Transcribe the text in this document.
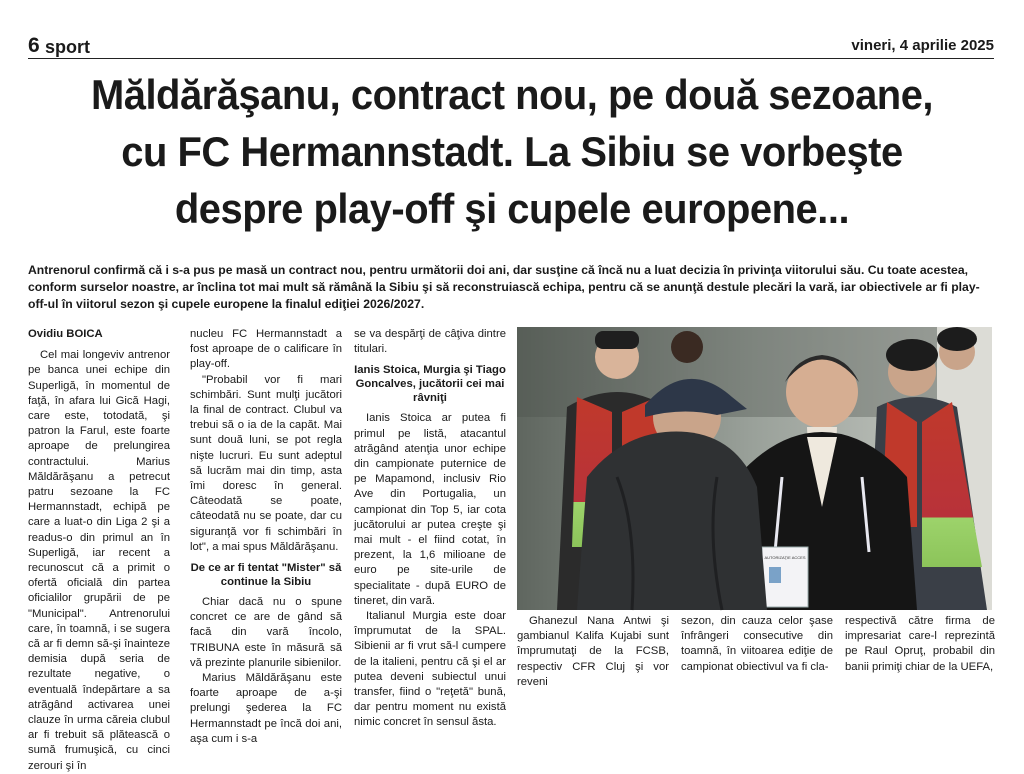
6 sport	vineri, 4 aprilie 2025
Măldărăşanu, contract nou, pe două sezoane,
cu FC Hermannstadt. La Sibiu se vorbeşte
despre play-off şi cupele europene...

Antrenorul confirmă că i s-a pus pe masă un contract nou, pentru următorii doi ani, dar susţine că încă nu a luat decizia în privinţa viitorului său. Cu toate acestea, conform surselor noastre, ar înclina tot mai mult să rămână la Sibiu şi să reconstruiască echipa, pentru că se anunţă destule plecări la vară, iar obiectivele ar fi play-off-ul în viitorul sezon şi cupele europene la finalul ediţiei 2026/2027.

Ovidiu BOICA

Cel mai longeviv antrenor pe banca unei echipe din Superligă, în momentul de faţă, în afara lui Gică Hagi, care este, totodată, şi patron la Farul, este foarte aproape de prelungirea contractului. Marius Măldărăşanu a petrecut patru sezoane la FC Hermannstadt, echipă pe care a luat-o din Liga 2 şi a readus-o din primul an în Superligă, iar recent a recunoscut că a primit o ofertă oficială din partea oficialilor grupării de pe "Municipal". Antrenorului care, în toamnă, i se sugera că ar fi demn să-şi înainteze demisia după seria de rezultate negative, o eventuală îndepărtare a sa atrăgând activarea unei clauze în urma căreia clubul ar fi trebuit să plătească o sumă frumuşică, cu cinci zerouri şi în

nucleu FC Hermannstadt a fost aproape de o calificare în play-off.

"Probabil vor fi mari schimbări. Sunt mulţi jucători la final de contract. Clubul va trebui să o ia de la capăt. Mai sunt două luni, se pot regla nişte lucruri. Eu sunt adeptul să lucrăm mai din timp, asta îmi doresc în general. Câteodată se poate, câteodată nu se poate, dar cu siguranţă vor fi schimbări în lot", a mai spus Măldărăşanu.

De ce ar fi tentat "Mister" să continue la Sibiu

Chiar dacă nu o spune concret ce are de gând să facă din vară încolo, TRIBUNA este în măsură să vă prezinte planurile sibienilor.

Marius Măldărăşanu este foarte aproape de a-şi prelungi şederea la FC Hermannstadt pe încă doi ani, aşa cum i s-a

se va despărţi de câţiva dintre titulari.

Ianis Stoica, Murgia şi Tiago Goncalves, jucătorii cei mai râvniţi

Ianis Stoica ar putea fi primul pe listă, atacantul atrăgând atenţia unor echipe din campionate puternice de pe Mapamond, inclusiv Rio Ave din Portugalia, un campionat din Top 5, iar cota jucătorului ar putea creşte şi mai mult - el fiind cotat, în prezent, la 1,6 milioane de euro pe site-urile de specialitate - după EURO de tineret, din vară.

Italianul Murgia este doar împrumutat de la SPAL. Sibienii ar fi vrut să-l cumpere de la italieni, pentru că şi el ar putea deveni subiectul unui transfer, fiind o "reţetă" bună, dar pentru moment nu există nimic concret în sensul ăsta.

AUTORIZAŢIE ACCES

Ghanezul Nana Antwi şi gambianul Kalifa Kujabi sunt împrumutaţi de la FCSB, respectiv CFR Cluj şi vor reveni

sezon, din cauza celor şase înfrângeri consecutive din toamnă, în viitoarea ediţie de campionat obiectivul va fi cla-

respectivă către firma de impresariat care-l reprezintă pe Raul Opruţ, probabil din banii primiţi chiar de la UEFA,
